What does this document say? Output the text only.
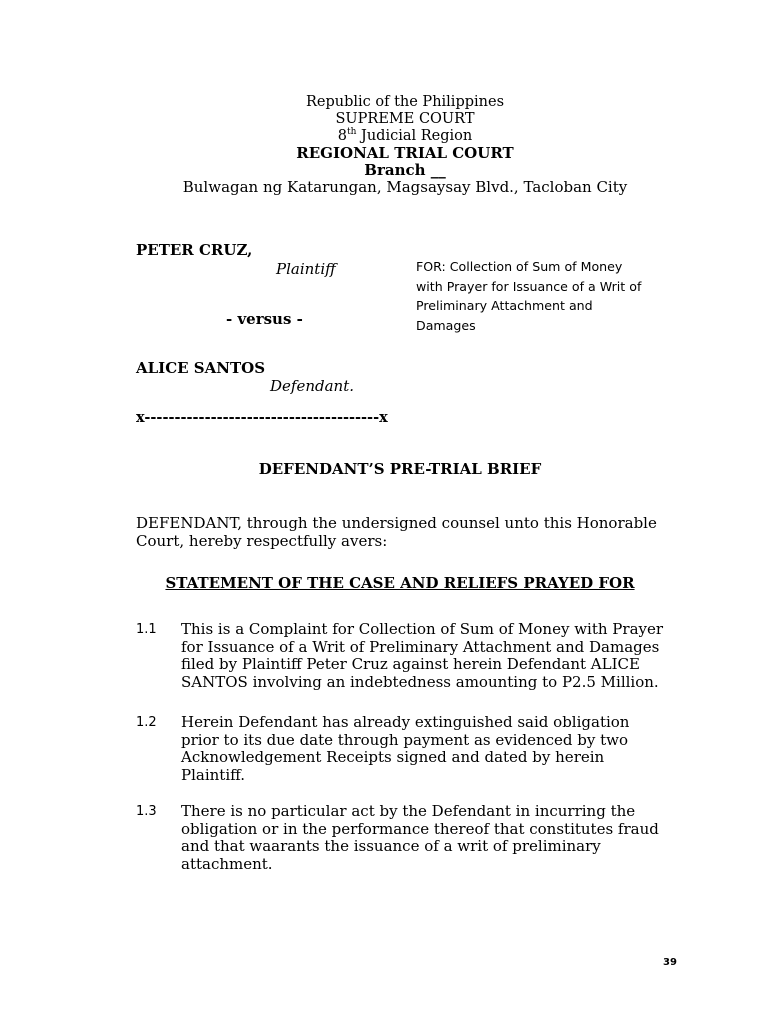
Republic of the Philippines
SUPREME COURT
8th Judicial Region
REGIONAL TRIAL COURT
Branch __
Bulwagan ng Katarungan, Magsaysay Blvd., Tacloban City
PETER CRUZ,
Plaintiff
- versus -
ALICE SANTOS
Defendant.
x---------------------------------------x
FOR: Collection of Sum of Money
with Prayer for Issuance of a Writ of
Preliminary Attachment and
Damages
DEFENDANT’S PRE-TRIAL BRIEF
DEFENDANT, through the undersigned counsel unto this Honorable Court, hereby respectfully avers:
STATEMENT OF THE CASE AND RELIEFS PRAYED FOR
1.1 This is a Complaint for Collection of Sum of Money with Prayer
for Issuance of a Writ of Preliminary Attachment and Damages
filed by Plaintiff Peter Cruz against herein Defendant ALICE
SANTOS involving an indebtedness amounting to P2.5 Million.
1.2 Herein Defendant has already extinguished said obligation
prior to its due date through payment as evidenced by two
Acknowledgement Receipts signed and dated by herein
Plaintiff.
1.3 There is no particular act by the Defendant in incurring the
obligation or in the performance thereof that constitutes fraud
and that waarants the issuance of a writ of preliminary
attachment.
39
